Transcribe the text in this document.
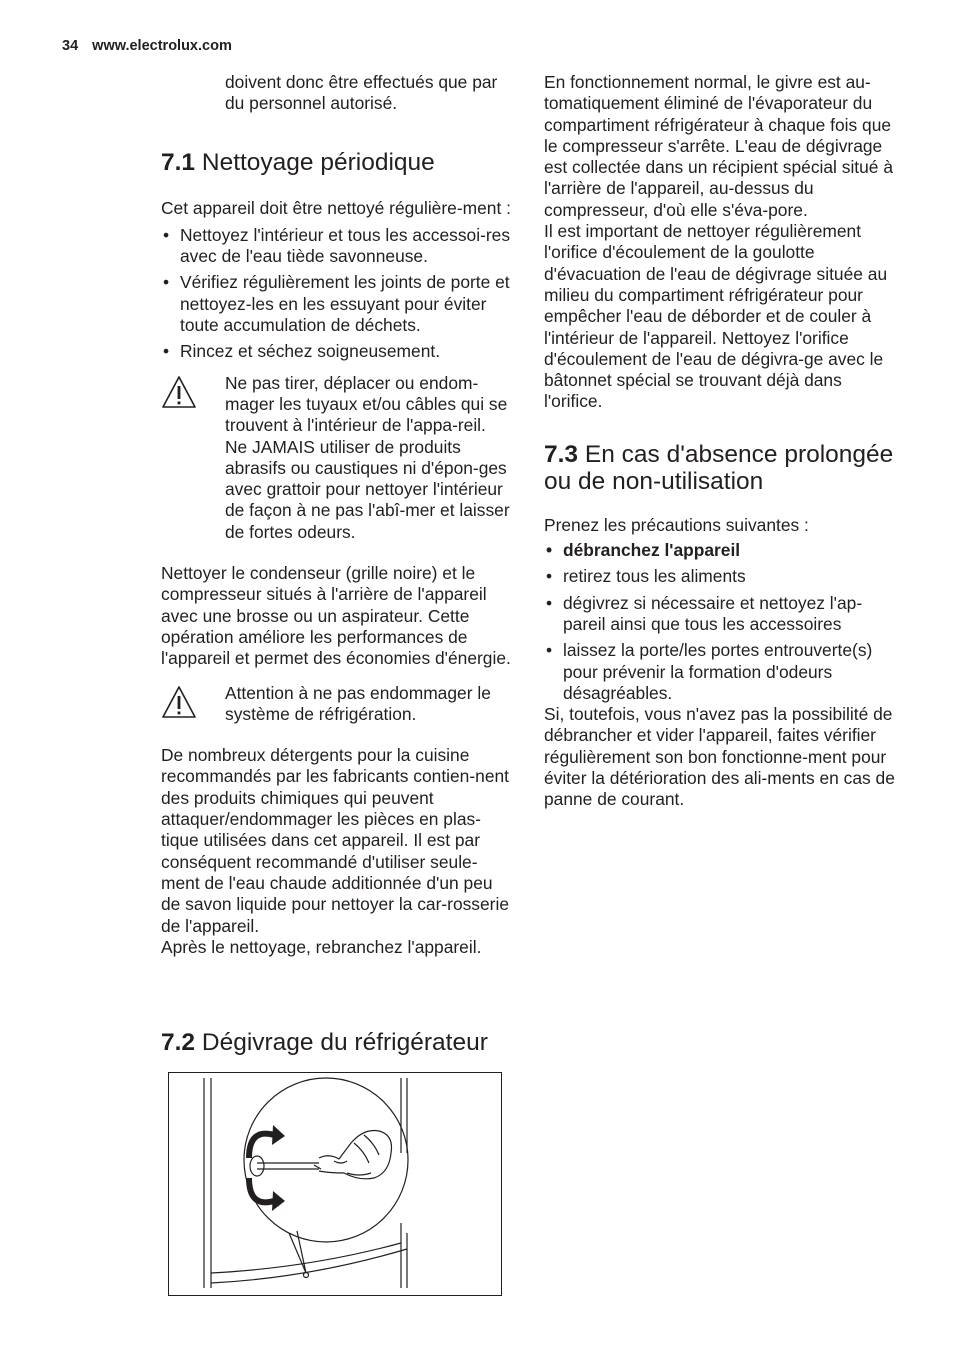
34 www.electrolux.com

doivent donc être effectués que par du personnel autorisé.

7.1 Nettoyage périodique

Cet appareil doit être nettoyé régulière-ment :

• Nettoyez l'intérieur et tous les accessoi-res avec de l'eau tiède savonneuse.
• Vérifiez régulièrement les joints de porte et nettoyez-les en les essuyant pour éviter toute accumulation de déchets.
• Rincez et séchez soigneusement.

Ne pas tirer, déplacer ou endom-mager les tuyaux et/ou câbles qui se trouvent à l'intérieur de l'appa-reil.

Ne JAMAIS utiliser de produits abrasifs ou caustiques ni d'épon-ges avec grattoir pour nettoyer l'intérieur de façon à ne pas l'abî-mer et laisser de fortes odeurs.

Nettoyer le condenseur (grille noire) et le compresseur situés à l'arrière de l'appareil avec une brosse ou un aspirateur. Cette opération améliore les performances de l'appareil et permet des économies d'énergie.

Attention à ne pas endommager le système de réfrigération.

De nombreux détergents pour la cuisine recommandés par les fabricants contien-nent des produits chimiques qui peuvent attaquer/endommager les pièces en plas-tique utilisées dans cet appareil. Il est par conséquent recommandé d'utiliser seule-ment de l'eau chaude additionnée d'un peu de savon liquide pour nettoyer la car-rosserie de l'appareil.

Après le nettoyage, rebranchez l'appareil.

7.2 Dégivrage du réfrigérateur

En fonctionnement normal, le givre est au-tomatiquement éliminé de l'évaporateur du compartiment réfrigérateur à chaque fois que le compresseur s'arrête. L'eau de dégivrage est collectée dans un récipient spécial situé à l'arrière de l'appareil, au-dessus du compresseur, d'où elle s'éva-pore.

Il est important de nettoyer régulièrement l'orifice d'écoulement de la goulotte d'évacuation de l'eau de dégivrage située au milieu du compartiment réfrigérateur pour empêcher l'eau de déborder et de couler à l'intérieur de l'appareil. Nettoyez l'orifice d'écoulement de l'eau de dégivra-ge avec le bâtonnet spécial se trouvant déjà dans l'orifice.

7.3 En cas d'absence prolongée ou de non-utilisation

Prenez les précautions suivantes :

• débranchez l'appareil
• retirez tous les aliments
• dégivrez si nécessaire et nettoyez l'ap-pareil ainsi que tous les accessoires
• laissez la porte/les portes entrouverte(s) pour prévenir la formation d'odeurs désagréables.

Si, toutefois, vous n'avez pas la possibilité de débrancher et vider l'appareil, faites vérifier régulièrement son bon fonctionne-ment pour éviter la détérioration des ali-ments en cas de panne de courant.
